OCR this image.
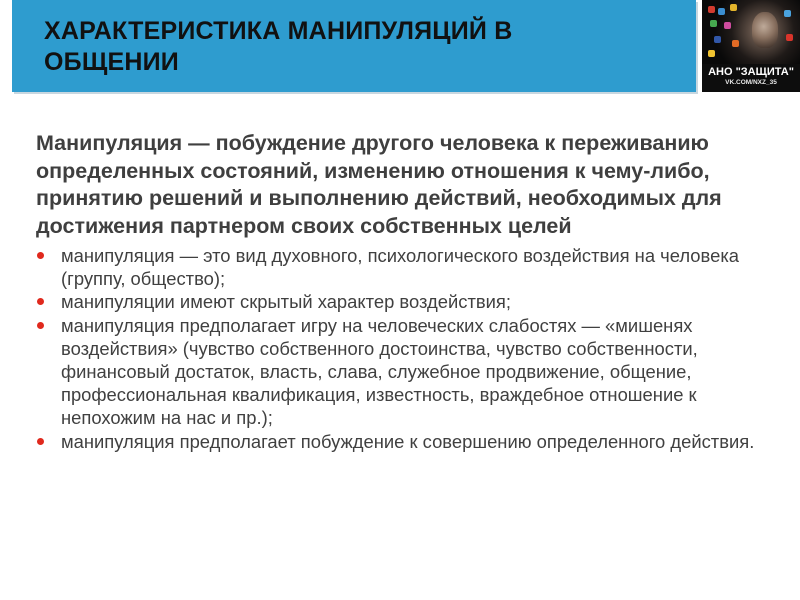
ХАРАКТЕРИСТИКА МАНИПУЛЯЦИЙ В ОБЩЕНИИ	АНО "ЗАЩИТА"
VK.COM/NXZ_35

Манипуляция — побуждение другого человека к переживанию определенных состояний, изменению отношения к чему-либо, принятию решений и выполнению действий, необходимых для достижения партнером своих собственных целей

манипуляция — это вид духовного, психологического воздействия на человека (группу, общество);
манипуляции имеют скрытый характер воздействия;
манипуляция предполагает игру на человеческих слабостях — «мишенях воздействия» (чувство собственного достоинства, чувство собственности, финансовый достаток, власть, слава, служебное продвижение, общение, профессиональная квалификация, известность, враждебное отношение к непохожим на нас и пр.);
манипуляция предполагает побуждение к совершению определенного действия.
